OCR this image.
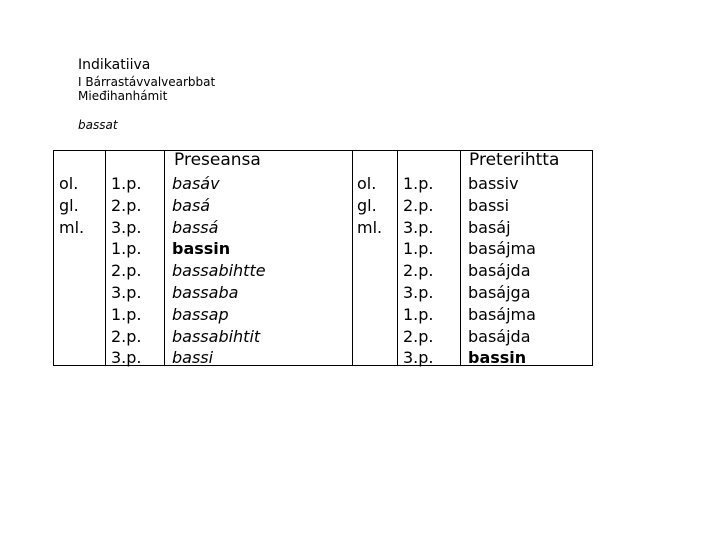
Indikatiiva
I Bárrastávvalvearbbat
Mieđihanhámit
bassat
Preseansa
ol.
gl.
ml.
1.p.
2.p.
3.p.
1.p.
2.p.
3.p.
1.p.
2.p.
3.p.
basáv
basá
bassá
bassin
bassabihtte
bassaba
bassap
bassabihtit
bassi
Preterihtta
ol.
gl.
ml.
1.p.
2.p.
3.p.
1.p.
2.p.
3.p.
1.p.
2.p.
3.p.
bassiv
bassi
basáj
basájma
basájda
basájga
basájma
basájda
bassin
